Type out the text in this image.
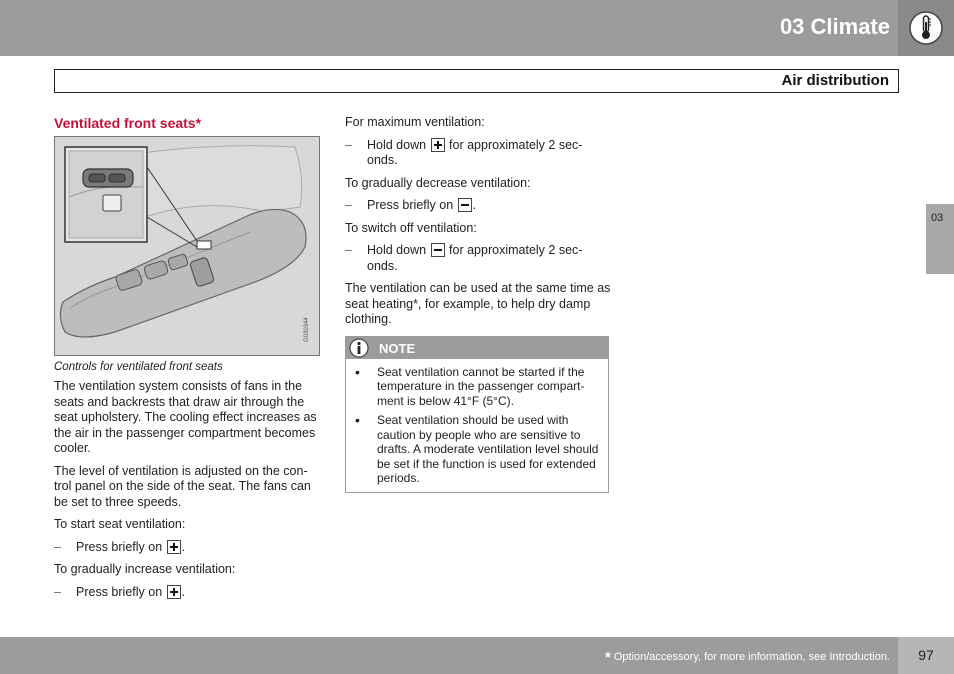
03 Climate
Air distribution
03
Ventilated front seats*
G030344
Controls for ventilated front seats

The ventilation system consists of fans in the seats and backrests that draw air through the seat upholstery. The cooling effect increases as the air in the passenger compartment becomes cooler.

The level of ventilation is adjusted on the con-trol panel on the side of the seat. The fans can be set to three speeds.

To start seat ventilation:

– Press briefly on .

To gradually increase ventilation:

– Press briefly on .

For maximum ventilation:

– Hold down for approximately 2 sec-onds.

To gradually decrease ventilation:

– Press briefly on .

To switch off ventilation:

– Hold down for approximately 2 sec-onds.

The ventilation can be used at the same time as seat heating*, for example, to help dry damp clothing.

NOTE
• Seat ventilation cannot be started if the temperature in the passenger compart-ment is below 41°F (5°C).
• Seat ventilation should be used with caution by people who are sensitive to drafts. A moderate ventilation level should be set if the function is used for extended periods.
* Option/accessory, for more information, see Introduction.	97
